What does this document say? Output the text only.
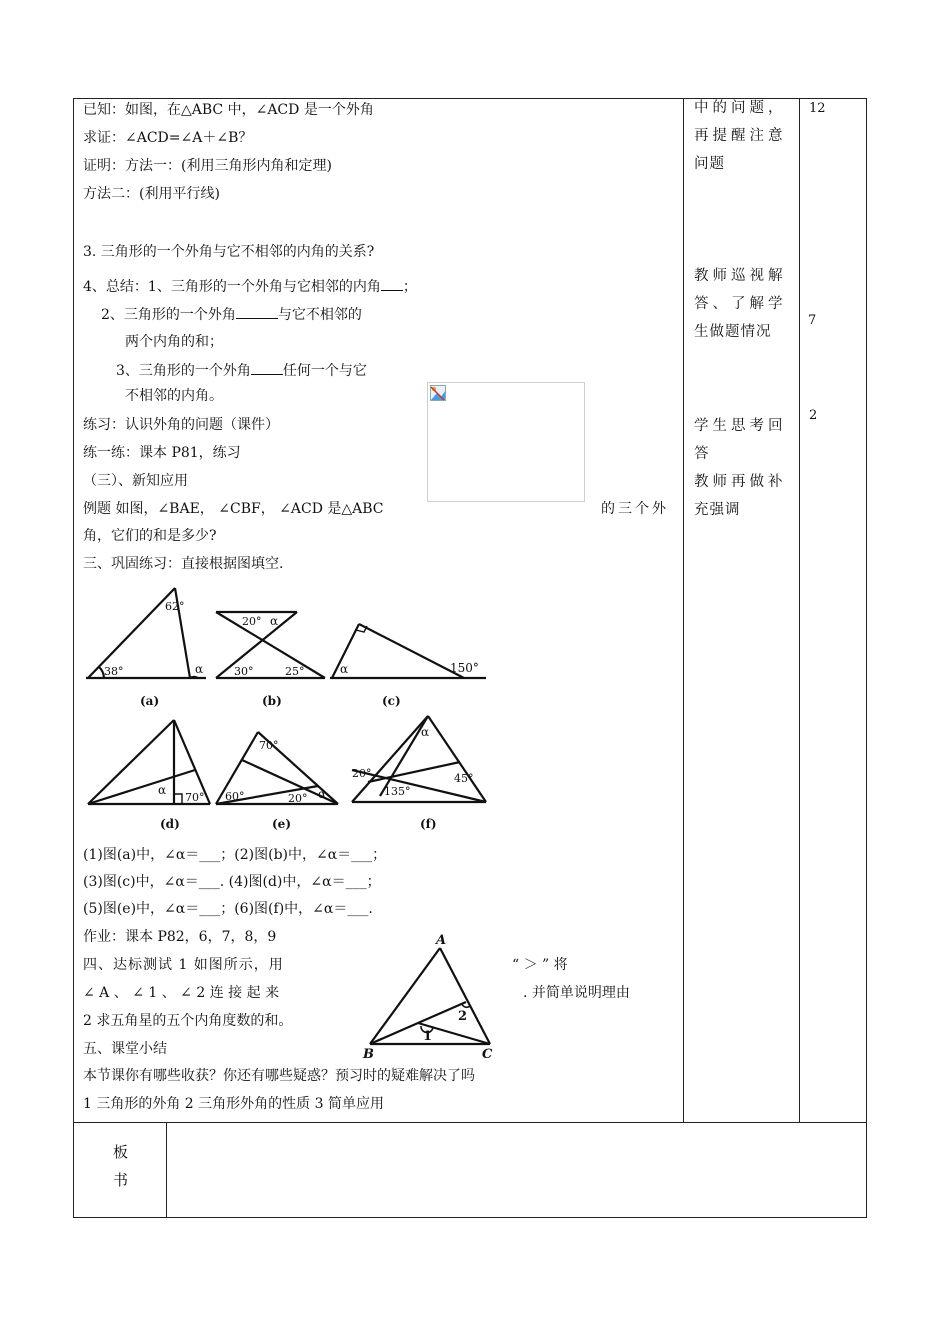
已知：如图，在△ABC 中，∠ACD 是一个外角
求证：∠ACD=∠A＋∠B？
证明：方法一：(利用三角形内角和定理)
方法二：(利用平行线)
3. 三角形的一个外角与它不相邻的内角的关系?
4、总结：1、三角形的一个外角与它相邻的内角 ；
2、三角形的一个外角	与它不相邻的
两个内角的和；
3、三角形的一个外角 任何一个与它
不相邻的内角。
练习：认识外角的问题（课件）
练一练：课本 P81，练习
（三）、新知应用
例题 如图，∠BAE， ∠CBF， ∠ACD 是△ABC	的三个外
角，它们的和是多少?
三、巩固练习：直接根据图填空.
62°
38°	α
(a)
20° α
30°	25°
(b)
α	150°
(c)
α
70°
(d)
70°
60°	20° α
(e)
α
20°
135°
45°
(f)
(1)图(a)中，∠α＝___；(2)图(b)中，∠α＝___；
(3)图(c)中，∠α＝___. (4)图(d)中，∠α＝___；
(5)图(e)中，∠α＝___；(6)图(f)中，∠α＝___.
作业：课本 P82，6，7，8，9
四、达标测试 1 如图所示，用	“ ＞ ” 将
∠ A 、 ∠ 1 、 ∠ 2 连 接 起 来	. 并简单说明理由
2 求五角星的五个内角度数的和。
五、课堂小结
本节课你有哪些收获？你还有哪些疑惑？预习时的疑难解决了吗
1 三角形的外角 2 三角形外角的性质 3 简单应用
A
B	C
1
2
中的问题，
再提醒注意
问题
教师巡视解
答、了解学
生做题情况
学生思考回
答
教师再做补
充强调
12
7
2
板
书
